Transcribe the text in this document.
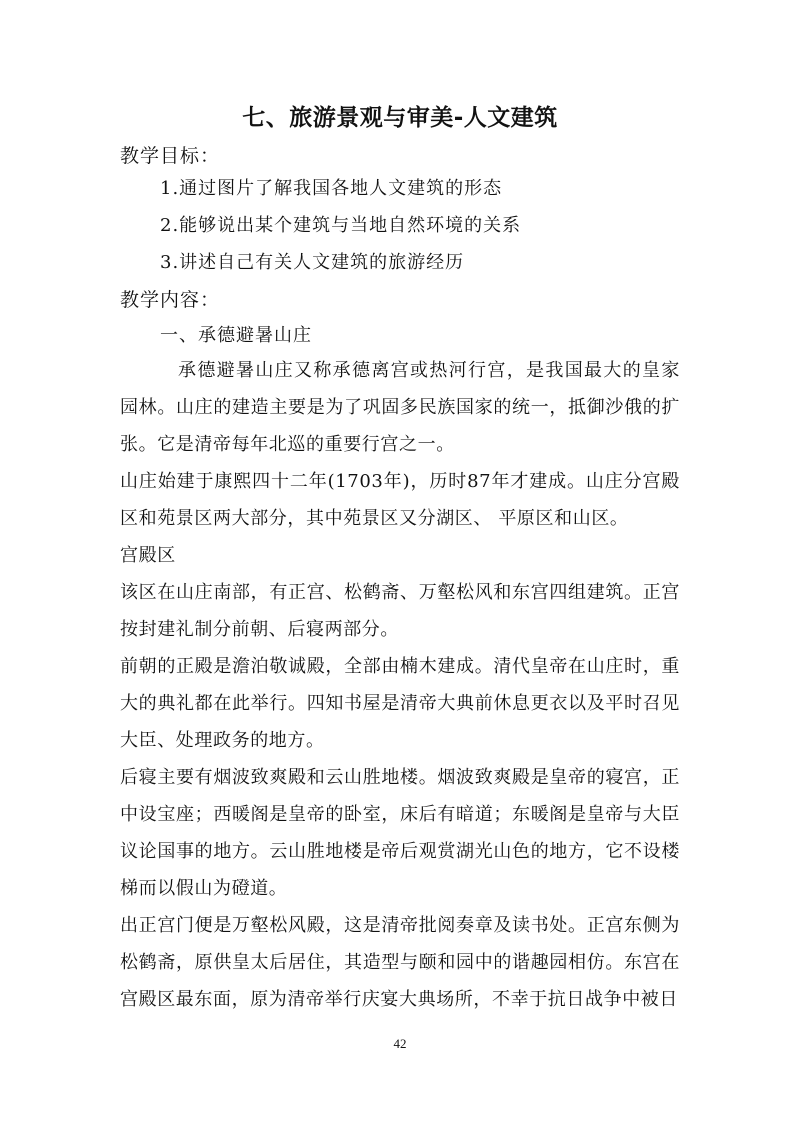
七、旅游景观与审美-人文建筑
教学目标：
1.通过图片了解我国各地人文建筑的形态
2.能够说出某个建筑与当地自然环境的关系
3.讲述自己有关人文建筑的旅游经历
教学内容：
一、承德避暑山庄

承德避暑山庄又称承德离宫或热河行宫，是我国最大的皇家园林。山庄的建造主要是为了巩固多民族国家的统一，抵御沙俄的扩张。它是清帝每年北巡的重要行宫之一。

山庄始建于康熙四十二年(1703年)，历时87年才建成。山庄分宫殿区和苑景区两大部分，其中苑景区又分湖区、 平原区和山区。

宫殿区

该区在山庄南部，有正宫、松鹤斋、万壑松风和东宫四组建筑。正宫按封建礼制分前朝、后寝两部分。

前朝的正殿是澹泊敬诚殿，全部由楠木建成。清代皇帝在山庄时，重大的典礼都在此举行。四知书屋是清帝大典前休息更衣以及平时召见大臣、处理政务的地方。

后寝主要有烟波致爽殿和云山胜地楼。烟波致爽殿是皇帝的寝宫，正中设宝座；西暖阁是皇帝的卧室，床后有暗道；东暖阁是皇帝与大臣议论国事的地方。云山胜地楼是帝后观赏湖光山色的地方，它不设楼梯而以假山为磴道。

出正宫门便是万壑松风殿，这是清帝批阅奏章及读书处。正宫东侧为松鹤斋，原供皇太后居住，其造型与颐和园中的谐趣园相仿。东宫在宫殿区最东面，原为清帝举行庆宴大典场所，不幸于抗日战争中被日

42
